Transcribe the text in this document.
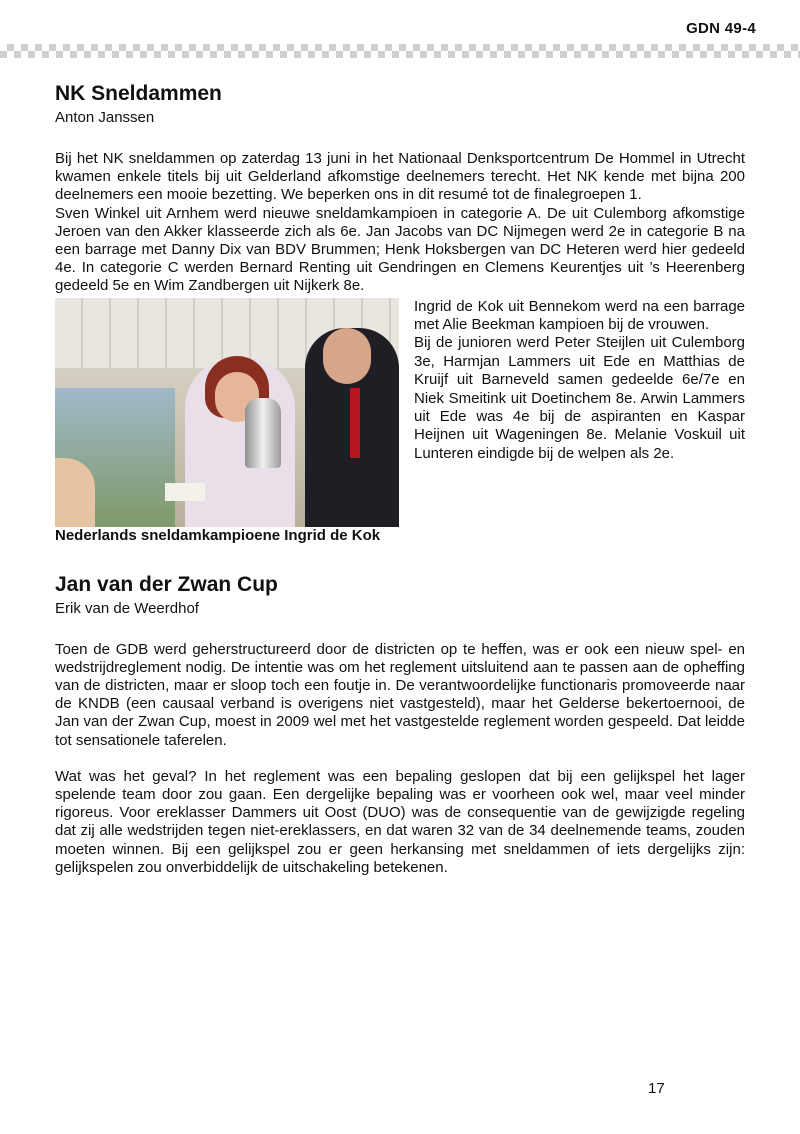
GDN 49-4
NK Sneldammen
Anton Janssen

Bij het NK sneldammen op zaterdag 13 juni in het Nationaal Denksportcentrum De Hommel in Utrecht kwamen enkele titels bij uit Gelderland afkomstige deelnemers terecht. Het NK kende met bijna 200 deelnemers een mooie bezetting. We beperken ons in dit resumé tot de finalegroepen 1.

Sven Winkel uit Arnhem werd nieuwe sneldamkampioen in categorie A. De uit Culemborg afkomstige Jeroen van den Akker klasseerde zich als 6e. Jan Jacobs van DC Nijmegen werd 2e in categorie B na een barrage met Danny Dix van BDV Brummen; Henk Hoksbergen van DC Heteren werd hier gedeeld 4e. In categorie C werden Bernard Renting uit Gendringen en Clemens Keurentjes uit ’s Heerenberg gedeeld 5e en Wim Zandbergen uit Nijkerk 8e.

Ingrid de Kok uit Bennekom werd na een barrage met Alie Beekman kampioen bij de vrouwen.

Bij de junioren werd Peter Steijlen uit Culemborg 3e, Harmjan Lammers uit Ede en Matthias de Kruijf uit Barneveld samen gedeelde 6e/7e en Niek Smeitink uit Doetinchem 8e. Arwin Lammers uit Ede was 4e bij de aspiranten en Kaspar Heijnen uit Wageningen 8e. Melanie Voskuil uit Lunteren eindigde bij de welpen als 2e.

Nederlands sneldamkampioene Ingrid de Kok
Jan van der Zwan Cup
Erik van de Weerdhof

Toen de GDB werd geherstructureerd door de districten op te heffen, was er ook een nieuw spel- en wedstrijdreglement nodig. De intentie was om het reglement uitsluitend aan te passen aan de opheffing van de districten, maar er sloop toch een foutje in. De verantwoordelijke functionaris promoveerde naar de KNDB (een causaal verband is overigens niet vastgesteld), maar het Gelderse bekertoernooi, de Jan van der Zwan Cup, moest in 2009 wel met het vastgestelde reglement worden gespeeld. Dat leidde tot sensationele taferelen.

Wat was het geval? In het reglement was een bepaling geslopen dat bij een gelijkspel het lager spelende team door zou gaan. Een dergelijke bepaling was er voorheen ook wel, maar veel minder rigoreus. Voor ereklasser Dammers uit Oost (DUO) was de consequentie van de gewijzigde regeling dat zij alle wedstrijden tegen niet-ereklassers, en dat waren 32 van de 34 deelnemende teams, zouden moeten winnen. Bij een gelijkspel zou er geen herkansing met sneldammen of iets dergelijks zijn: gelijkspelen zou onverbiddelijk de uitschakeling betekenen.

17
